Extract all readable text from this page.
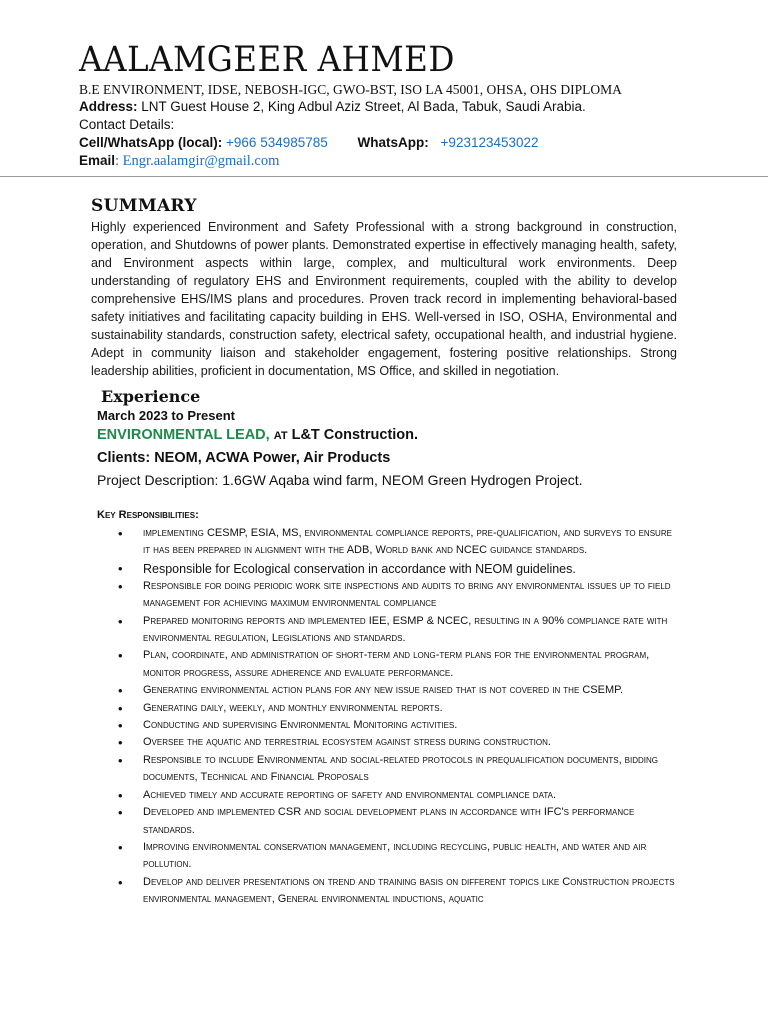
AALAMGEER AHMED
B.E ENVIRONMENT, IDSE, NEBOSH-IGC, GWO-BST, ISO LA 45001, OHSA, OHS DIPLOMA
Address: LNT Guest House 2, King Adbul Aziz Street, Al Bada, Tabuk, Saudi Arabia.
Contact Details:
Cell/WhatsApp (local): +966 534985785 WhatsApp: +923123453022
Email: Engr.aalamgir@gmail.com
SUMMARY
Highly experienced Environment and Safety Professional with a strong background in construction, operation, and Shutdowns of power plants. Demonstrated expertise in effectively managing health, safety, and Environment aspects within large, complex, and multicultural work environments. Deep understanding of regulatory EHS and Environment requirements, coupled with the ability to develop comprehensive EHS/IMS plans and procedures. Proven track record in implementing behavioral-based safety initiatives and facilitating capacity building in EHS. Well-versed in ISO, OSHA, Environmental and sustainability standards, construction safety, electrical safety, occupational health, and industrial hygiene. Adept in community liaison and stakeholder engagement, fostering positive relationships. Strong leadership abilities, proficient in documentation, MS Office, and skilled in negotiation.
Experience
March 2023 to Present
ENVIRONMENTAL LEAD, AT L&T Construction.
Clients: NEOM, ACWA Power, Air Products
Project Description: 1.6GW Aqaba wind farm, NEOM Green Hydrogen Project.
Key Responsibilities:
• implementing CESMP, ESIA, MS, environmental compliance reports, pre-qualification, and surveys to ensure it has been prepared in alignment with the ADB, World bank and NCEC guidance standards.
• Responsible for Ecological conservation in accordance with NEOM guidelines.
• Responsible for doing periodic work site inspections and audits to bring any environmental issues up to field management for achieving maximum environmental compliance
• Prepared monitoring reports and implemented IEE, ESMP & NCEC, resulting in a 90% compliance rate with environmental regulation, Legislations and standards.
• Plan, coordinate, and administration of short-term and long-term plans for the environmental program, monitor progress, assure adherence and evaluate performance.
• Generating environmental action plans for any new issue raised that is not covered in the CSEMP.
• Generating daily, weekly, and monthly environmental reports.
• Conducting and supervising Environmental Monitoring activities.
• Oversee the aquatic and terrestrial ecosystem against stress during construction.
• Responsible to include Environmental and social-related protocols in prequalification documents, bidding documents, Technical and Financial Proposals
• Achieved timely and accurate reporting of safety and environmental compliance data.
• Developed and implemented CSR and social development plans in accordance with IFC's performance standards.
• Improving environmental conservation management, including recycling, public health, and water and air pollution.
• Develop and deliver presentations on trend and training basis on different topics like Construction projects environmental management, General environmental inductions, aquatic
